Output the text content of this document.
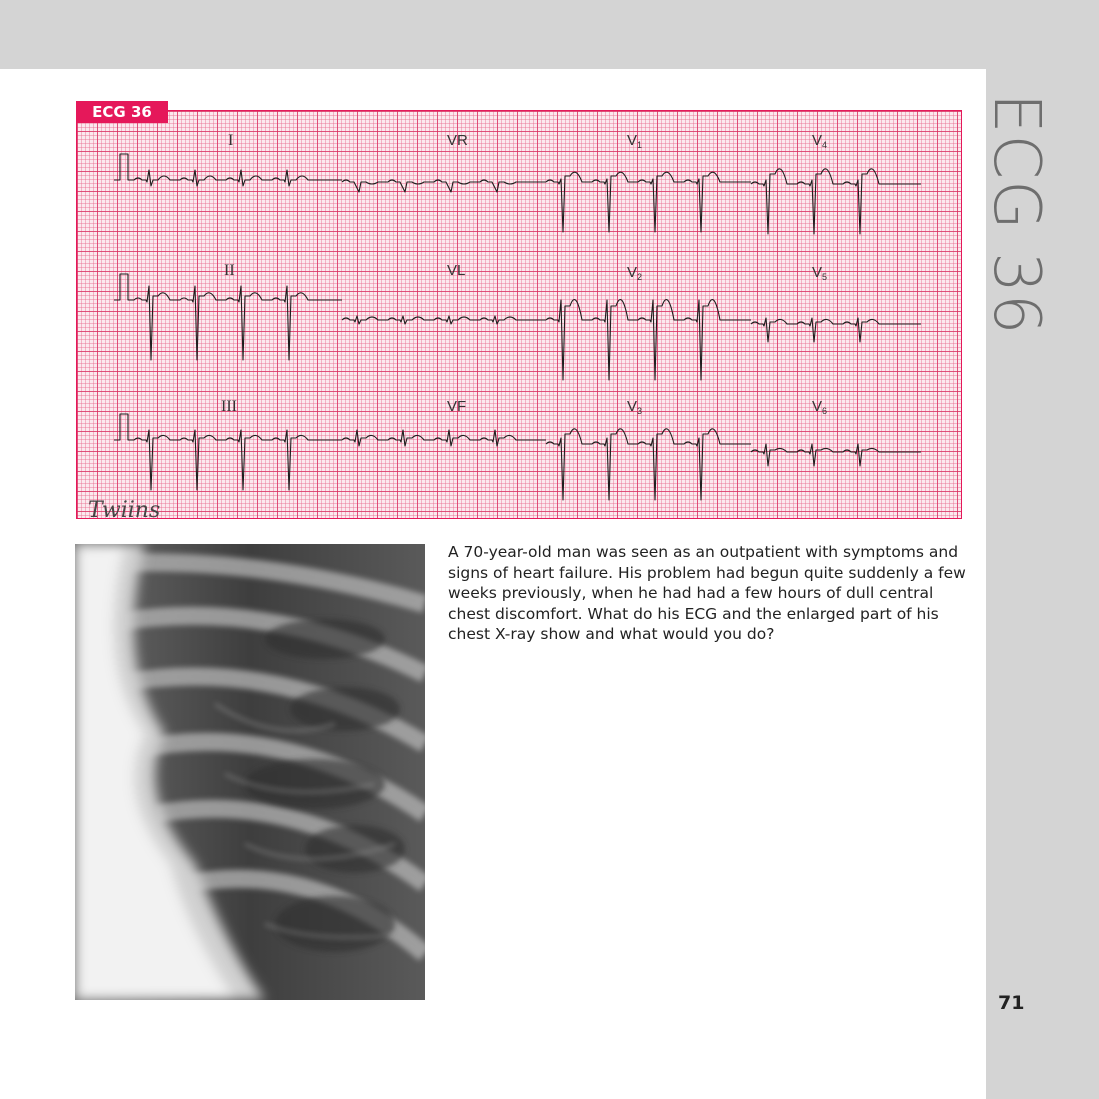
ECG 36
71
ECG 36
I	VR	$V_1$	$V_4$
II	VL	$V_2$	$V_5$
III	VF	$V_3$	$V_6$
Twiins
A 70-year-old man was seen as an outpatient with symptoms and signs of heart failure. His problem had begun quite suddenly a few weeks previously, when he had had a few hours of dull central chest discomfort. What do his ECG and the enlarged part of his chest X-ray show and what would you do?
